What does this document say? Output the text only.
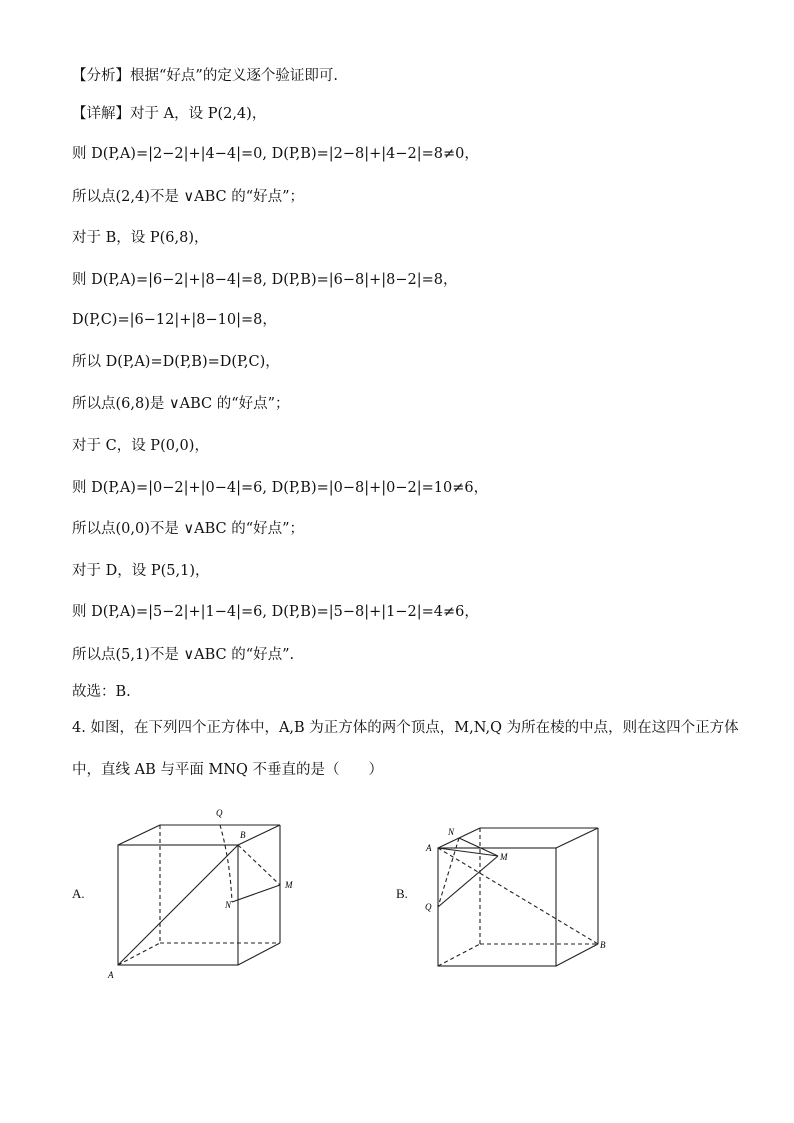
【分析】根据“好点”的定义逐个验证即可.
【详解】对于 A，设 P(2,4)，
则 D(P,A)=|2−2|+|4−4|=0, D(P,B)=|2−8|+|4−2|=8≠0，
所以点(2,4)不是 ∨ABC 的“好点”；
对于 B，设 P(6,8)，
则 D(P,A)=|6−2|+|8−4|=8, D(P,B)=|6−8|+|8−2|=8，
D(P,C)=|6−12|+|8−10|=8，
所以 D(P,A)=D(P,B)=D(P,C)，
所以点(6,8)是 ∨ABC 的“好点”；
对于 C，设 P(0,0)，
则 D(P,A)=|0−2|+|0−4|=6, D(P,B)=|0−8|+|0−2|=10≠6，
所以点(0,0)不是 ∨ABC 的“好点”；
对于 D，设 P(5,1)，
则 D(P,A)=|5−2|+|1−4|=6, D(P,B)=|5−8|+|1−2|=4≠6，
所以点(5,1)不是 ∨ABC 的“好点”.
故选：B.
4. 如图，在下列四个正方体中，A,B 为正方体的两个顶点，M,N,Q 为所在棱的中点，则在这四个正方体
中，直线 AB 与平面 MNQ 不垂直的是（　　）
A.
Q
B
M
N
A
B.
N
A
M
Q
B
